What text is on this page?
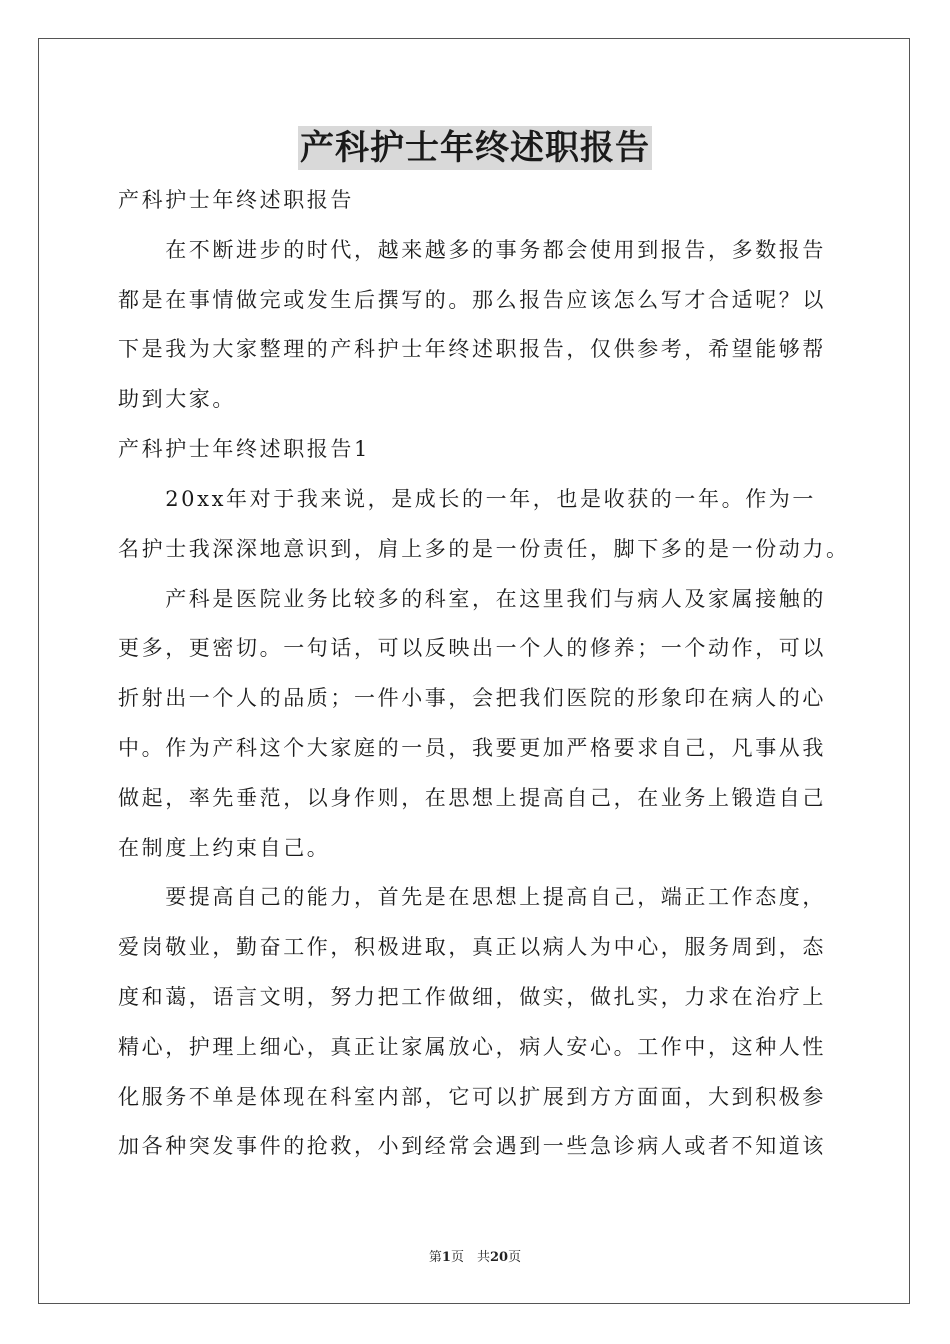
产科护士年终述职报告

产科护士年终述职报告

　　在不断进步的时代，越来越多的事务都会使用到报告，多数报告

都是在事情做完或发生后撰写的。那么报告应该怎么写才合适呢？以

下是我为大家整理的产科护士年终述职报告，仅供参考，希望能够帮

助到大家。

产科护士年终述职报告1

　　20xx年对于我来说，是成长的一年，也是收获的一年。作为一

名护士我深深地意识到，肩上多的是一份责任，脚下多的是一份动力。

　　产科是医院业务比较多的科室，在这里我们与病人及家属接触的

更多，更密切。一句话，可以反映出一个人的修养；一个动作，可以

折射出一个人的品质；一件小事，会把我们医院的形象印在病人的心

中。作为产科这个大家庭的一员，我要更加严格要求自己，凡事从我

做起，率先垂范，以身作则，在思想上提高自己，在业务上锻造自己

在制度上约束自己。

　　要提高自己的能力，首先是在思想上提高自己，端正工作态度，

爱岗敬业，勤奋工作，积极进取，真正以病人为中心，服务周到，态

度和蔼，语言文明，努力把工作做细，做实，做扎实，力求在治疗上

精心，护理上细心，真正让家属放心，病人安心。工作中，这种人性

化服务不单是体现在科室内部，它可以扩展到方方面面，大到积极参

加各种突发事件的抢救，小到经常会遇到一些急诊病人或者不知道该

第1页　共20页
